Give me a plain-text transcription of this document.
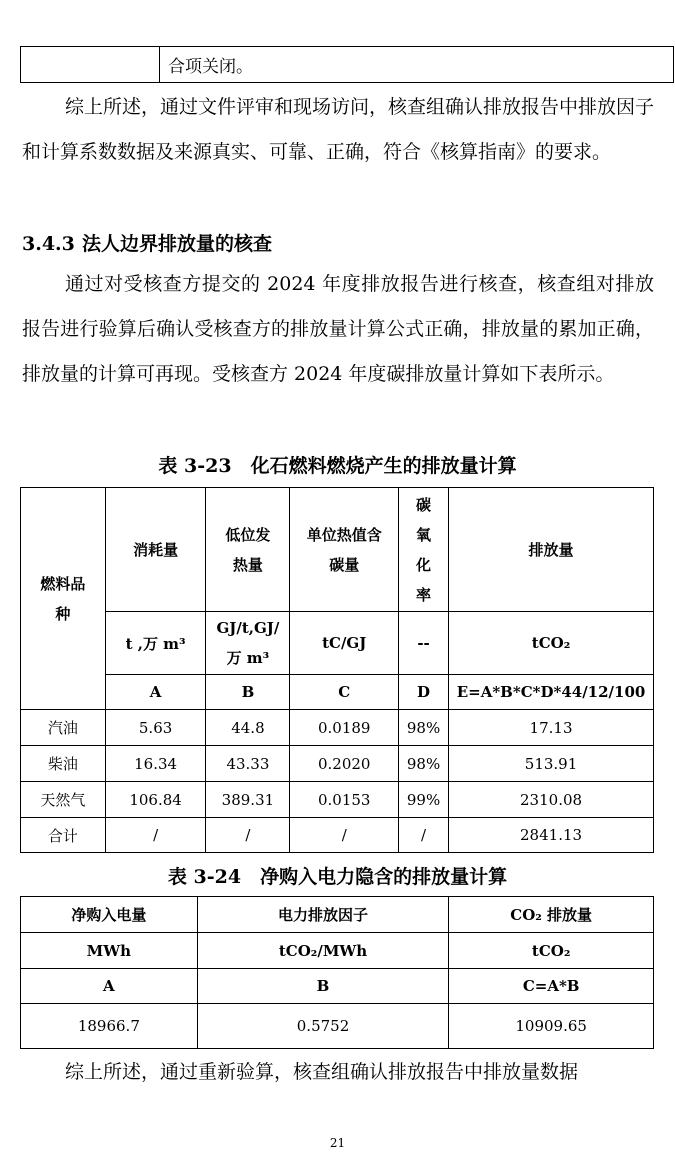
	合项关闭。

综上所述，通过文件评审和现场访问，核查组确认排放报告中排放因子和计算系数数据及来源真实、可靠、正确，符合《核算指南》的要求。

3.4.3 法人边界排放量的核查

通过对受核查方提交的 2024 年度排放报告进行核查，核查组对排放报告进行验算后确认受核查方的排放量计算公式正确，排放量的累加正确，排放量的计算可再现。受核查方 2024 年度碳排放量计算如下表所示。

表 3-23　化石燃料燃烧产生的排放量计算

燃料品种	消耗量	低位发热量	单位热值含碳量	碳氧化率	排放量
	t ,万 m³	GJ/t,GJ/万 m³	tC/GJ	--	tCO₂
	A	B	C	D	E=A*B*C*D*44/12/100
汽油	5.63	44.8	0.0189	98%	17.13
柴油	16.34	43.33	0.2020	98%	513.91
天然气	106.84	389.31	0.0153	99%	2310.08
合计	/	/	/	/	2841.13

表 3-24　净购入电力隐含的排放量计算

净购入电量	电力排放因子	CO₂ 排放量
MWh	tCO₂/MWh	tCO₂
A	B	C=A*B
18966.7	0.5752	10909.65

综上所述，通过重新验算，核查组确认排放报告中排放量数据

21
